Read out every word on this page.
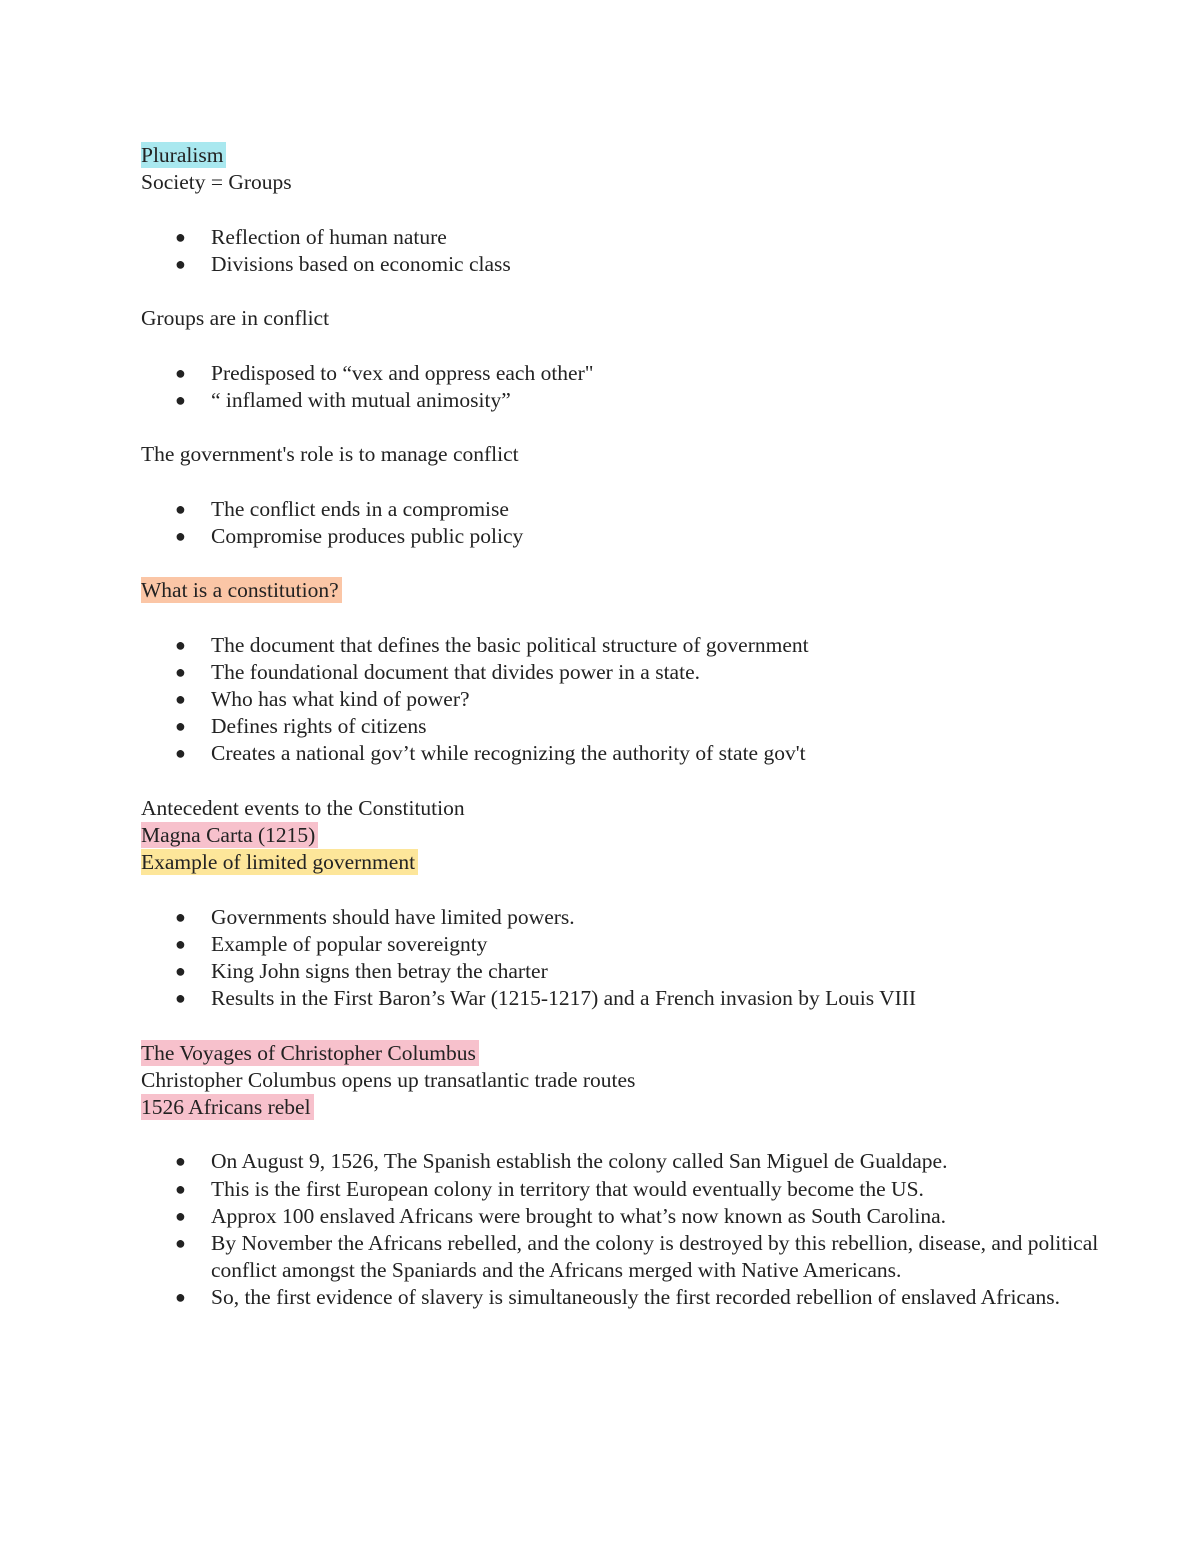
Pluralism

Society = Groups

● Reflection of human nature
● Divisions based on economic class

Groups are in conflict

● Predisposed to “vex and oppress each other"
● “ inflamed with mutual animosity”

The government's role is to manage conflict

● The conflict ends in a compromise
● Compromise produces public policy

What is a constitution?

● The document that defines the basic political structure of government
● The foundational document that divides power in a state.
● Who has what kind of power?
● Defines rights of citizens
● Creates a national gov’t while recognizing the authority of state gov't

Antecedent events to the Constitution

Magna Carta (1215)

Example of limited government

● Governments should have limited powers.
● Example of popular sovereignty
● King John signs then betray the charter
● Results in the First Baron’s War (1215-1217) and a French invasion by Louis VIII

The Voyages of Christopher Columbus

Christopher Columbus opens up transatlantic trade routes

1526 Africans rebel

● On August 9, 1526, The Spanish establish the colony called San Miguel de Gualdape.
● This is the first European colony in territory that would eventually become the US.
● Approx 100 enslaved Africans were brought to what’s now known as South Carolina.
● By November the Africans rebelled, and the colony is destroyed by this rebellion, disease, and political conflict amongst the Spaniards and the Africans merged with Native Americans.
● So, the first evidence of slavery is simultaneously the first recorded rebellion of enslaved Africans.
